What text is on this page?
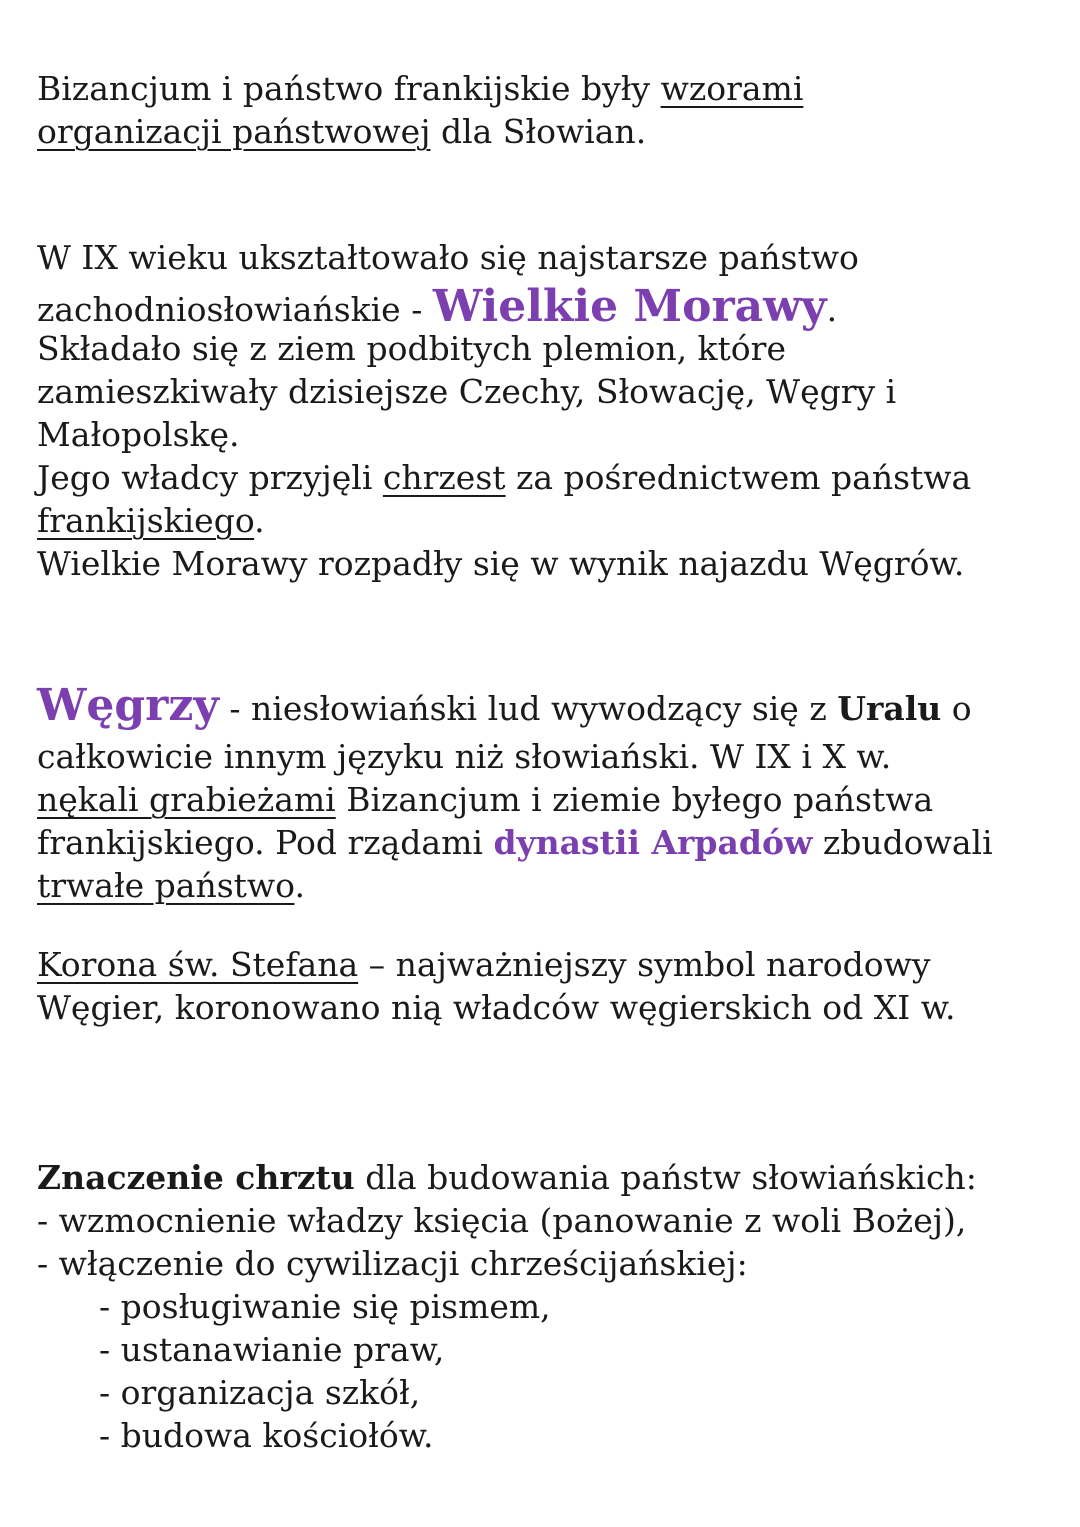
Bizancjum i państwo frankijskie były wzorami
organizacji państwowej dla Słowian.
W IX wieku ukształtowało się najstarsze państwo
zachodniosłowiańskie - Wielkie Morawy.
Składało się z ziem podbitych plemion, które
zamieszkiwały dzisiejsze Czechy, Słowację, Węgry i
Małopolskę.
Jego władcy przyjęli chrzest za pośrednictwem państwa
frankijskiego.
Wielkie Morawy rozpadły się w wynik najazdu Węgrów.
Węgrzy - niesłowiański lud wywodzący się z Uralu o
całkowicie innym języku niż słowiański. W IX i X w.
nękali grabieżami Bizancjum i ziemie byłego państwa
frankijskiego. Pod rządami dynastii Arpadów zbudowali
trwałe państwo.
Korona św. Stefana – najważniejszy symbol narodowy
Węgier, koronowano nią władców węgierskich od XI w.
Znaczenie chrztu dla budowania państw słowiańskich:
- wzmocnienie władzy księcia (panowanie z woli Bożej),
- włączenie do cywilizacji chrześcijańskiej:
- posługiwanie się pismem,
- ustanawianie praw,
- organizacja szkół,
- budowa kościołów.
